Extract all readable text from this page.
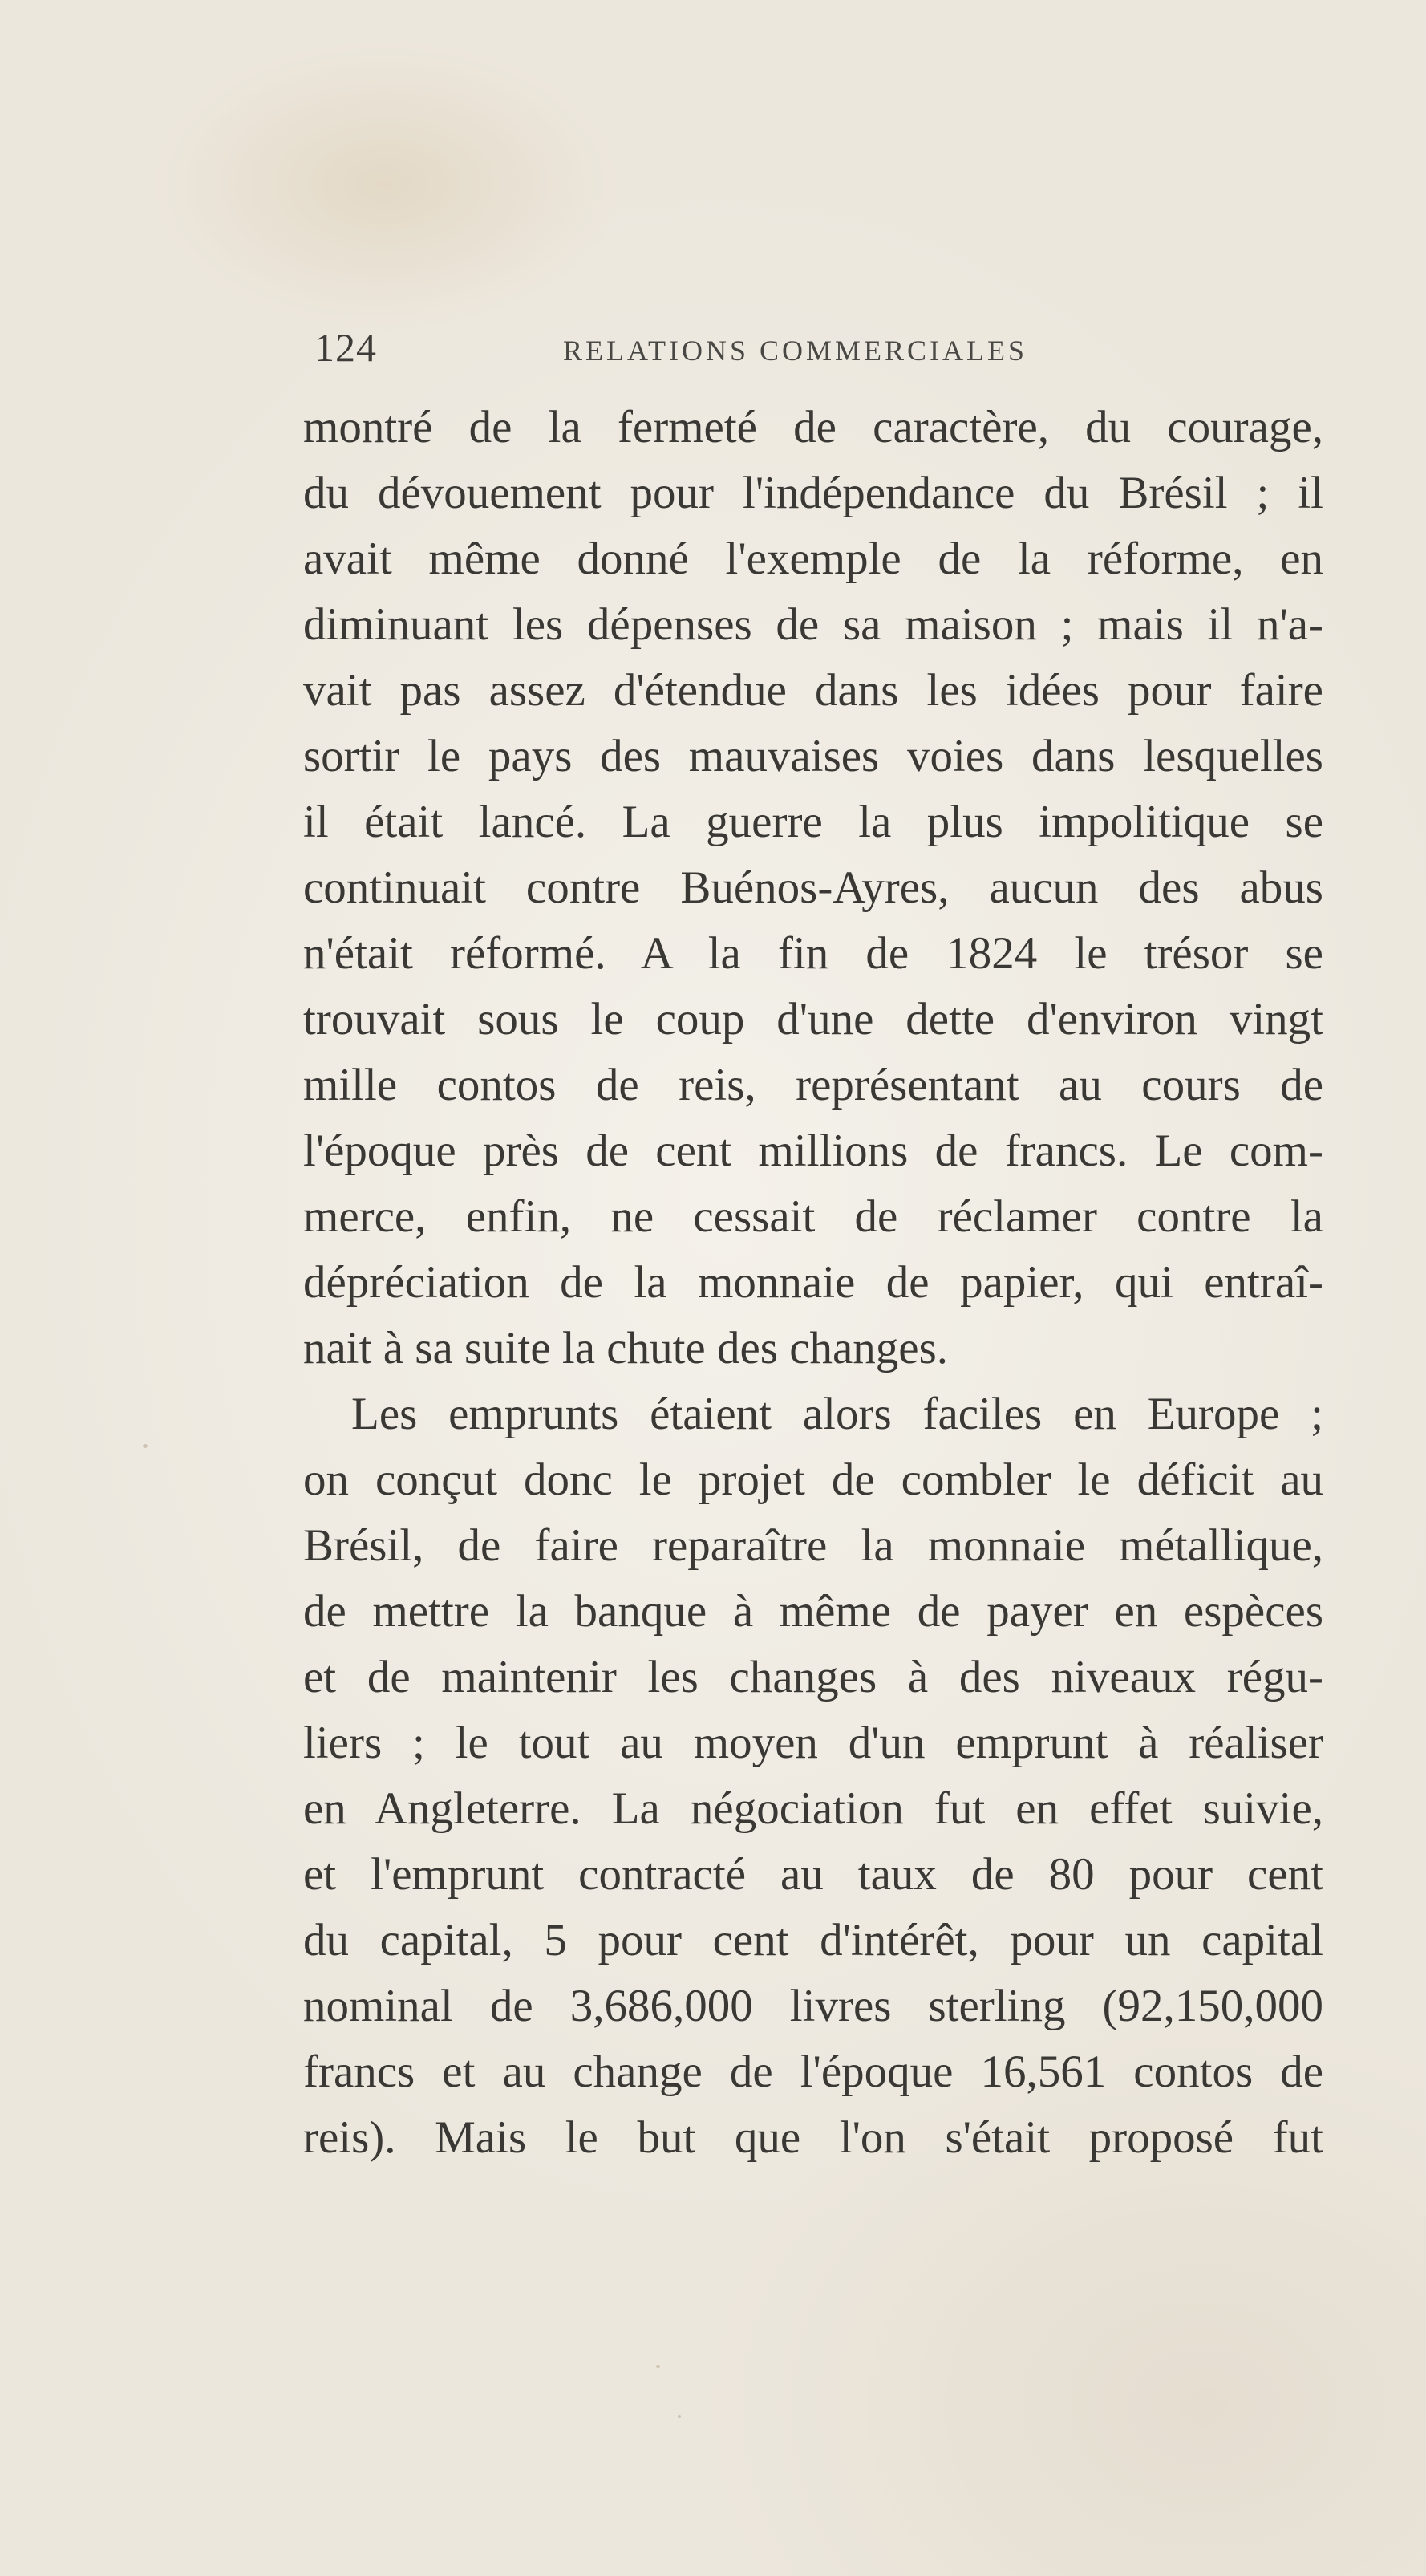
124	RELATIONS COMMERCIALES
montré de la fermeté de caractère, du courage,
du dévouement pour l'indépendance du Brésil ; il
avait même donné l'exemple de la réforme, en
diminuant les dépenses de sa maison ; mais il n'a-
vait pas assez d'étendue dans les idées pour faire
sortir le pays des mauvaises voies dans lesquelles
il était lancé. La guerre la plus impolitique se
continuait contre Buénos-Ayres, aucun des abus
n'était réformé. A la fin de 1824 le trésor se
trouvait sous le coup d'une dette d'environ vingt
mille contos de reis, représentant au cours de
l'époque près de cent millions de francs. Le com-
merce, enfin, ne cessait de réclamer contre la
dépréciation de la monnaie de papier, qui entraî-
nait à sa suite la chute des changes.
Les emprunts étaient alors faciles en Europe ;
on conçut donc le projet de combler le déficit au
Brésil, de faire reparaître la monnaie métallique,
de mettre la banque à même de payer en espèces
et de maintenir les changes à des niveaux régu-
liers ; le tout au moyen d'un emprunt à réaliser
en Angleterre. La négociation fut en effet suivie,
et l'emprunt contracté au taux de 80 pour cent
du capital, 5 pour cent d'intérêt, pour un capital
nominal de 3,686,000 livres sterling (92,150,000
francs et au change de l'époque 16,561 contos de
reis). Mais le but que l'on s'était proposé fut
